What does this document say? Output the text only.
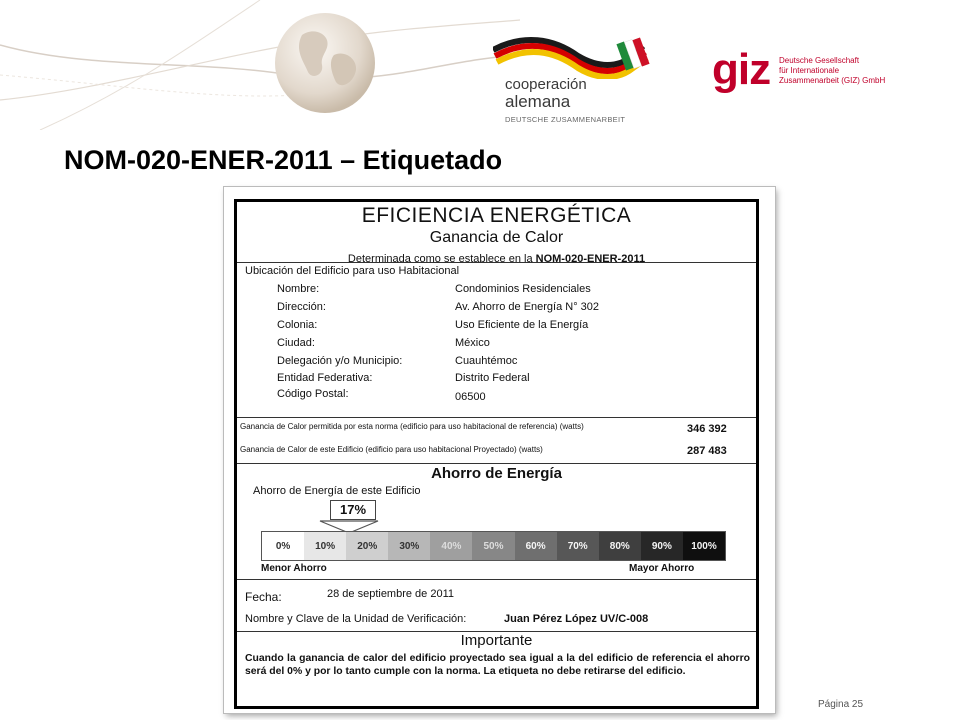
cooperación
alemana
DEUTSCHE ZUSAMMENARBEIT
giz Deutsche Gesellschaft
für Internationale
Zusammenarbeit (GIZ) GmbH
NOM-020-ENER-2011 – Etiquetado
EFICIENCIA ENERGÉTICA
Ganancia de Calor
Determinada como se establece en la NOM-020-ENER-2011
Ubicación del Edificio para uso Habitacional
Nombre:	Condominios Residenciales
Dirección:	Av. Ahorro de Energía N° 302
Colonia:	Uso Eficiente de la Energía
Ciudad:	México
Delegación y/o Municipio:	Cuauhtémoc
Entidad Federativa:	Distrito Federal
Código Postal:	06500
Ganancia de Calor permitida por esta norma (edificio para uso habitacional de referencia) (watts)	346 392
Ganancia de Calor de este Edificio (edificio para uso habitacional Proyectado) (watts)	287 483
Ahorro de Energía
Ahorro de Energía de este Edificio
17%
0%	10%	20%	30%	40%	50%	60%	70%	80%	90%	100%
Menor Ahorro	Mayor Ahorro
Fecha:	28 de septiembre de 2011
Nombre y Clave de la Unidad de Verificación:	Juan Pérez López UV/C-008
Importante
Cuando la ganancia de calor del edificio proyectado sea igual a la del edificio de referencia el ahorro será del 0% y por lo tanto cumple con la norma. La etiqueta no debe retirarse del edificio.
Página 25
